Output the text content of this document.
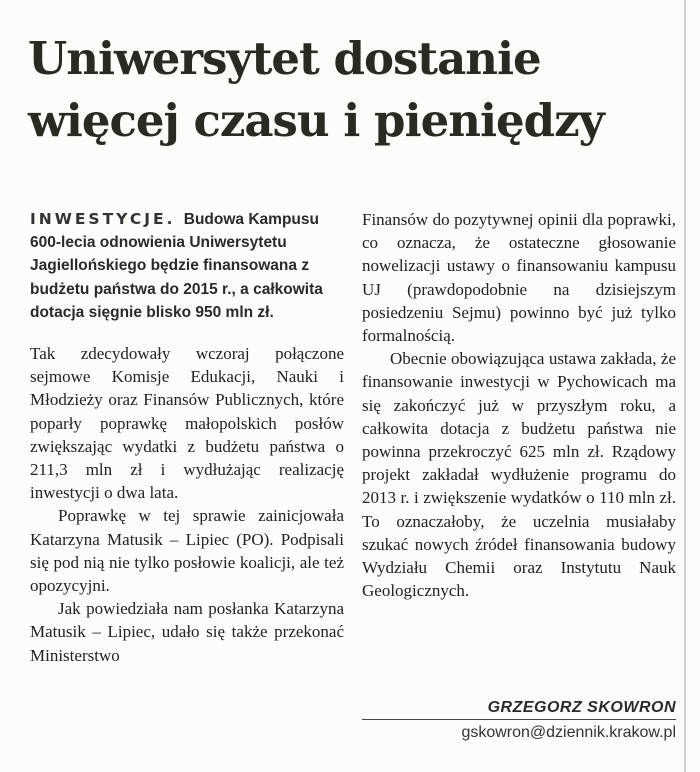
Uniwersytet dostanie więcej czasu i pieniędzy

INWESTYCJE. Budowa Kampusu 600-lecia odnowienia Uniwersytetu Jagiellońskiego będzie finansowana z budżetu państwa do 2015 r., a całkowita dotacja sięgnie blisko 950 mln zł.

Tak zdecydowały wczoraj połączone sejmowe Komisje Edukacji, Nauki i Młodzieży oraz Finansów Publicznych, które poparły poprawkę małopolskich posłów zwiększając wydatki z budżetu państwa o 211,3 mln zł i wydłużając realizację inwestycji o dwa lata.

Poprawkę w tej sprawie zainicjowała Katarzyna Matusik – Lipiec (PO). Podpisali się pod nią nie tylko posłowie koalicji, ale też opozycyjni.

Jak powiedziała nam posłanka Katarzyna Matusik – Lipiec, udało się także przekonać Ministerstwo

Finansów do pozytywnej opinii dla poprawki, co oznacza, że ostateczne głosowanie nowelizacji ustawy o finansowaniu kampusu UJ (prawdopodobnie na dzisiejszym posiedzeniu Sejmu) powinno być już tylko formalnością.

Obecnie obowiązująca ustawa zakłada, że finansowanie inwestycji w Pychowicach ma się zakończyć już w przyszłym roku, a całkowita dotacja z budżetu państwa nie powinna przekroczyć 625 mln zł. Rządowy projekt zakładał wydłużenie programu do 2013 r. i zwiększenie wydatków o 110 mln zł. To oznaczałoby, że uczelnia musiałaby szukać nowych źródeł finansowania budowy Wydziału Chemii oraz Instytutu Nauk Geologicznych.

GRZEGORZ SKOWRON

gskowron@dziennik.krakow.pl
